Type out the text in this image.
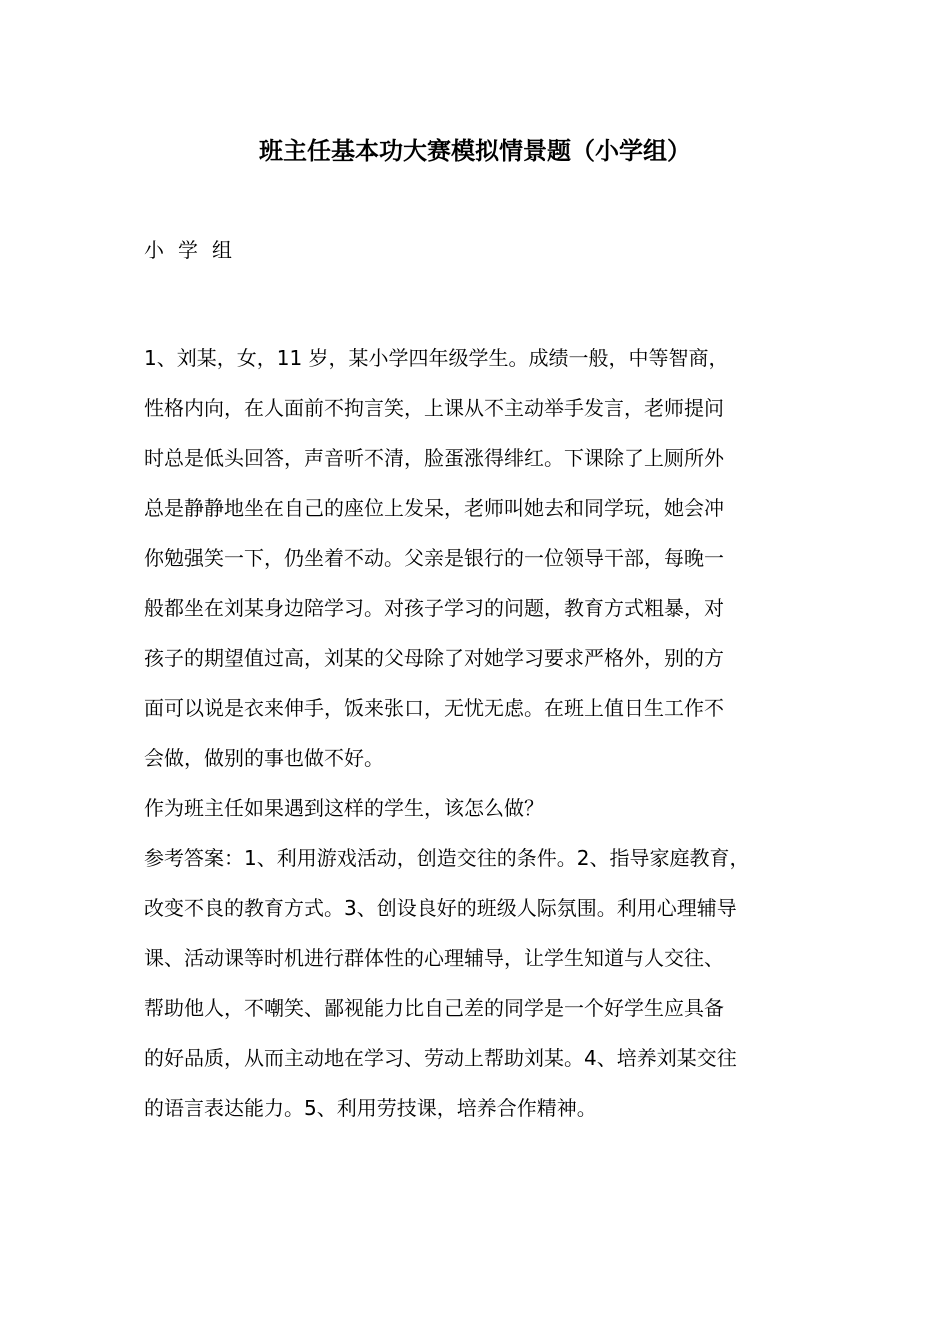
班主任基本功大赛模拟情景题（小学组）
小学组
1、刘某，女，11 岁，某小学四年级学生。成绩一般，中等智商，
性格内向，在人面前不拘言笑，上课从不主动举手发言，老师提问
时总是低头回答，声音听不清，脸蛋涨得绯红。下课除了上厕所外
总是静静地坐在自己的座位上发呆，老师叫她去和同学玩，她会冲
你勉强笑一下，仍坐着不动。父亲是银行的一位领导干部，每晚一
般都坐在刘某身边陪学习。对孩子学习的问题，教育方式粗暴，对
孩子的期望值过高，刘某的父母除了对她学习要求严格外，别的方
面可以说是衣来伸手，饭来张口，无忧无虑。在班上值日生工作不
会做，做别的事也做不好。
作为班主任如果遇到这样的学生，该怎么做？
参考答案：1、利用游戏活动，创造交往的条件。2、指导家庭教育，
改变不良的教育方式。3、创设良好的班级人际氛围。利用心理辅导
课、活动课等时机进行群体性的心理辅导，让学生知道与人交往、
帮助他人，不嘲笑、鄙视能力比自己差的同学是一个好学生应具备
的好品质，从而主动地在学习、劳动上帮助刘某。4、培养刘某交往
的语言表达能力。5、利用劳技课，培养合作精神。
